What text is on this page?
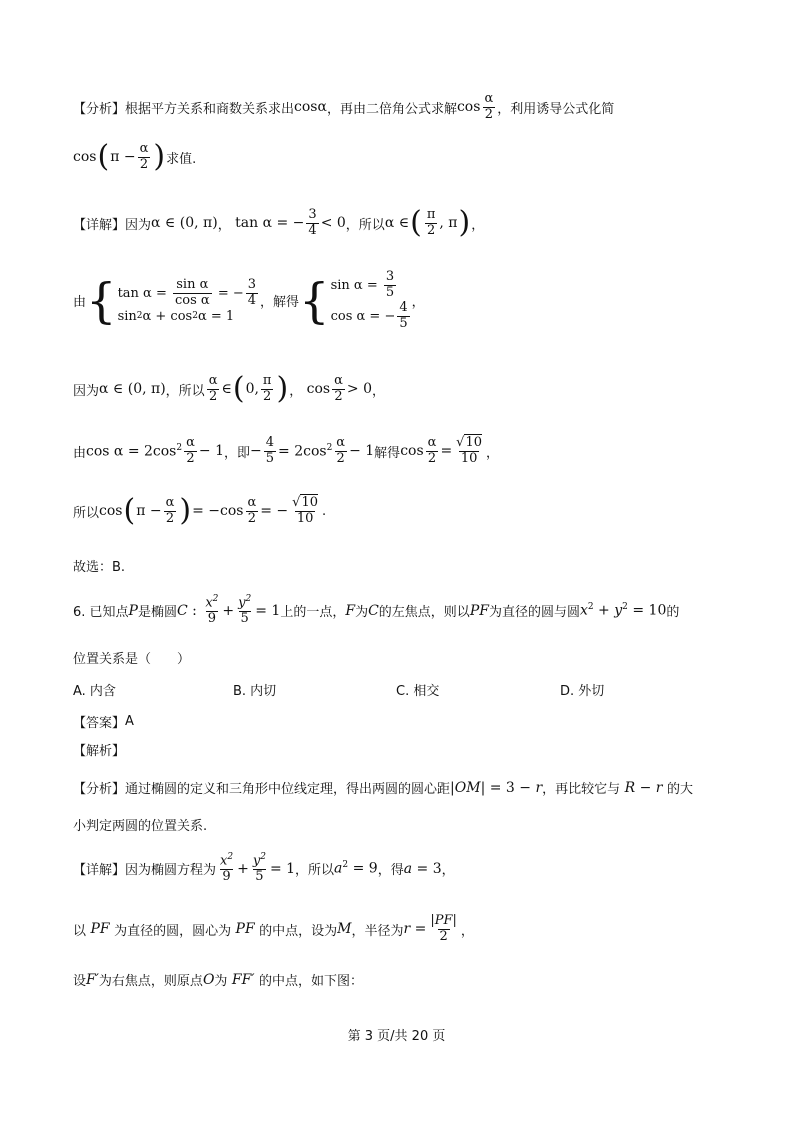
【分析】 根据平方关系和商数关系求出 cosα ，再由二倍角公式求解 $\cos \frac{\alpha}{2}$ ，利用诱导公式化简
cos ( $\pi - \frac{\alpha}{2}$ ) 求值.
【详解】 因为 α ∈ (0, π) ， tan α = − $\frac{3}{4} < 0$ ，所以 α ∈ ( $\frac{\pi}{2}$ , π ) ，
由 { $\tan \alpha = \frac{\text{sin α}}{\text{cos α}}$ = − $\frac{3}{4}$
sin 2 α + cos 2 α = 1
，解得 { $\sin \alpha = \frac{3}{5}$
cos α = − $\frac{4}{5}$ ，
因为 α ∈ (0, π) ，所以 $\frac{\alpha}{2}$ ∈ ( 0, $\frac{\pi}{2}$ ) ， $\cos \frac{\alpha}{2} > 0$ ，
由 $\cos \alpha = 2\cos^2 \frac{\alpha}{2} - 1$ ，即 − $\frac{4}{5} = 2\cos^2 \frac{\alpha}{2} - 1$ 解得 $\cos \frac{\alpha}{2} = \frac{√10}{10}$ ，
所以 cos ( $\pi - \frac{\alpha}{2}$ ) = $-\cos \frac{\alpha}{2}$ = − $\frac{√10}{10}$ .
故选：B.
6. 已知点 P 是椭圆 C : $\frac{x^2}{9} + \frac{y^2}{5} = 1$ 上的一点， F 为 C 的左焦点，则以 PF 为直径的圆与圆 $x^2 + y^2 = 10$ 的
位置关系是（　　）
A. 内含	B. 内切	C. 相交	D. 外切
【答案】 A
【解析】
【分析】 通过椭圆的定义和三角形中位线定理，得出两圆的圆心距 |OM| = 3 − r ，再比较它与 R − r 的大
小判定两圆的位置关系.
【详解】 因为椭圆方程为 $\frac{x^2}{9} + \frac{y^2}{5} = 1$ ，所以 $a^2 = 9$ ，得 a = 3 ，
以 PF 为直径的圆，圆心为 PF 的中点，设为 M ，半径为 $r = \frac{|PF|}{2}$ ，
设 F′ 为右焦点，则原点 O 为 FF′ 的中点，如下图：
第 3 页/共 20 页
